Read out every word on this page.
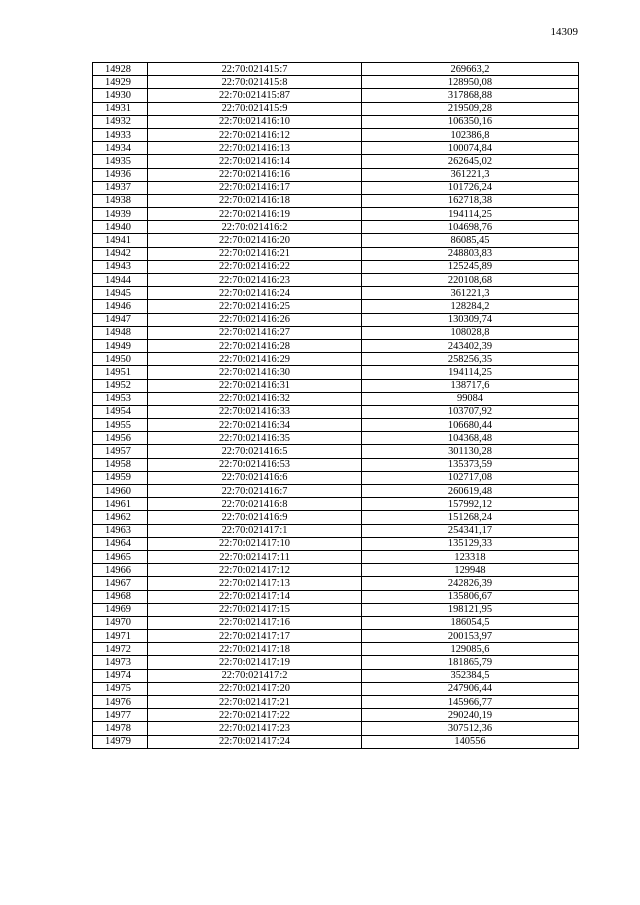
14309
14928	22:70:021415:7	269663,2
14929	22:70:021415:8	128950,08
14930	22:70:021415:87	317868,88
14931	22:70:021415:9	219509,28
14932	22:70:021416:10	106350,16
14933	22:70:021416:12	102386,8
14934	22:70:021416:13	100074,84
14935	22:70:021416:14	262645,02
14936	22:70:021416:16	361221,3
14937	22:70:021416:17	101726,24
14938	22:70:021416:18	162718,38
14939	22:70:021416:19	194114,25
14940	22:70:021416:2	104698,76
14941	22:70:021416:20	86085,45
14942	22:70:021416:21	248803,83
14943	22:70:021416:22	125245,89
14944	22:70:021416:23	220108,68
14945	22:70:021416:24	361221,3
14946	22:70:021416:25	128284,2
14947	22:70:021416:26	130309,74
14948	22:70:021416:27	108028,8
14949	22:70:021416:28	243402,39
14950	22:70:021416:29	258256,35
14951	22:70:021416:30	194114,25
14952	22:70:021416:31	138717,6
14953	22:70:021416:32	99084
14954	22:70:021416:33	103707,92
14955	22:70:021416:34	106680,44
14956	22:70:021416:35	104368,48
14957	22:70:021416:5	301130,28
14958	22:70:021416:53	135373,59
14959	22:70:021416:6	102717,08
14960	22:70:021416:7	260619,48
14961	22:70:021416:8	157992,12
14962	22:70:021416:9	151268,24
14963	22:70:021417:1	254341,17
14964	22:70:021417:10	135129,33
14965	22:70:021417:11	123318
14966	22:70:021417:12	129948
14967	22:70:021417:13	242826,39
14968	22:70:021417:14	135806,67
14969	22:70:021417:15	198121,95
14970	22:70:021417:16	186054,5
14971	22:70:021417:17	200153,97
14972	22:70:021417:18	129085,6
14973	22:70:021417:19	181865,79
14974	22:70:021417:2	352384,5
14975	22:70:021417:20	247906,44
14976	22:70:021417:21	145966,77
14977	22:70:021417:22	290240,19
14978	22:70:021417:23	307512,36
14979	22:70:021417:24	140556
